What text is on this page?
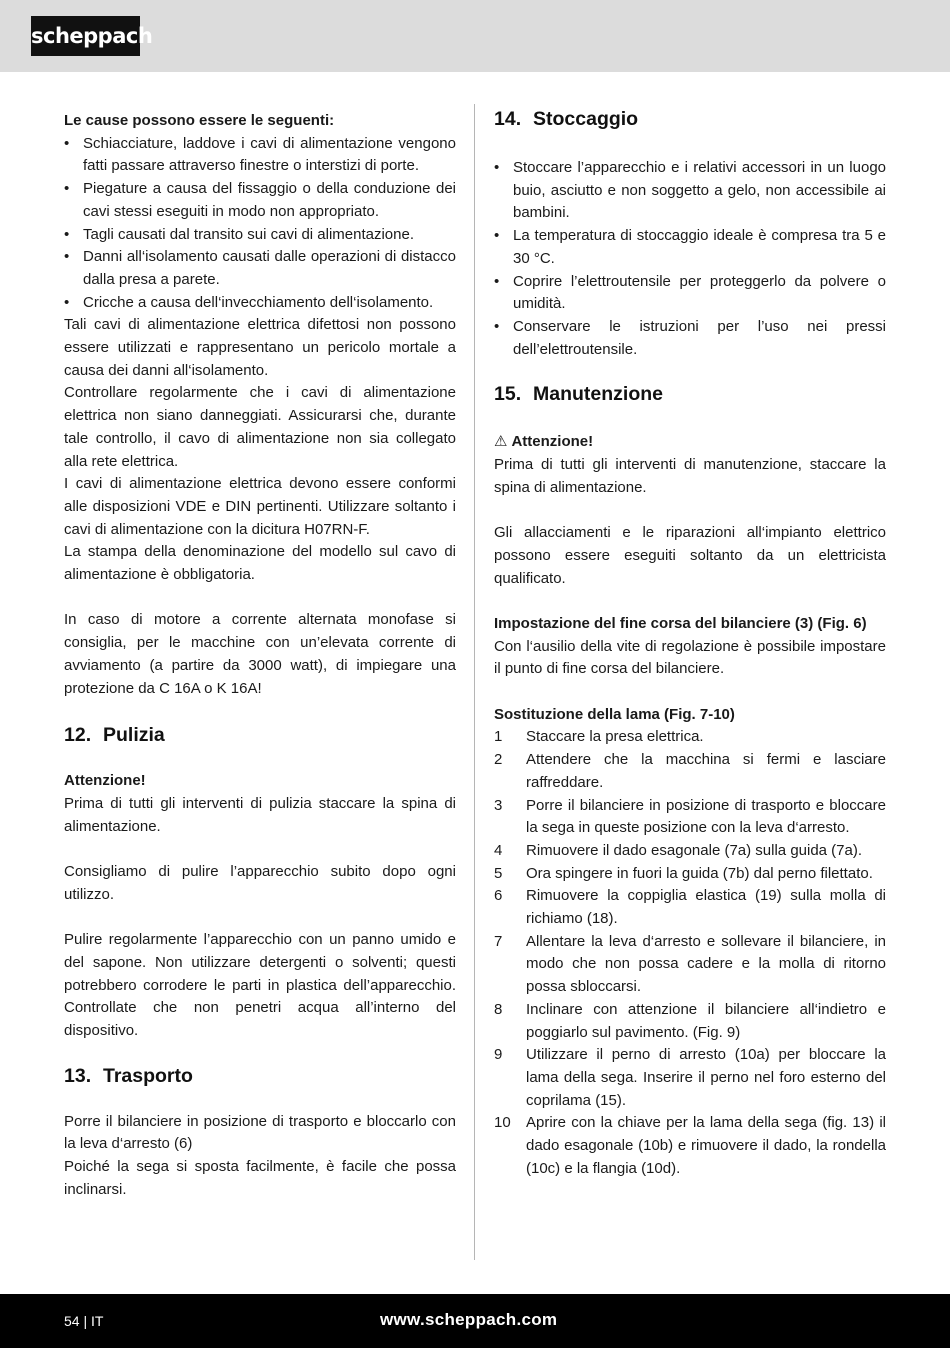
scheppach

Le cause possono essere le seguenti:

• Schiacciature, laddove i cavi di alimentazione vengono fatti passare attraverso finestre o interstizi di porte.
• Piegature a causa del fissaggio o della conduzione dei cavi stessi eseguiti in modo non appropriato.
• Tagli causati dal transito sui cavi di alimentazione.
• Danni all‘isolamento causati dalle operazioni di distacco dalla presa a parete.
• Cricche a causa dell‘invecchiamento dell‘isolamento.

Tali cavi di alimentazione elettrica difettosi non possono essere utilizzati e rappresentano un pericolo mortale a causa dei danni all‘isolamento.

Controllare regolarmente che i cavi di alimentazione elettrica non siano danneggiati. Assicurarsi che, durante tale controllo, il cavo di alimentazione non sia collegato alla rete elettrica.

I cavi di alimentazione elettrica devono essere conformi alle disposizioni VDE e DIN pertinenti. Utilizzare soltanto i cavi di alimentazione con la dicitura H07RN-F.

La stampa della denominazione del modello sul cavo di alimentazione è obbligatoria.

In caso di motore a corrente alternata monofase si consiglia, per le macchine con un’elevata corrente di avviamento (a partire da 3000 watt), di impiegare una protezione da C 16A o K 16A!

12. Pulizia

Attenzione!

Prima di tutti gli interventi di pulizia staccare la spina di alimentazione.

Consigliamo di pulire l’apparecchio subito dopo ogni utilizzo.

Pulire regolarmente l’apparecchio con un panno umido e del sapone. Non utilizzare detergenti o solventi; questi potrebbero corrodere le parti in plastica dell’apparecchio. Controllate che non penetri acqua all’interno del dispositivo.

13. Trasporto

Porre il bilanciere in posizione di trasporto e bloccarlo con la leva d‘arresto (6)

Poiché la sega si sposta facilmente, è facile che possa inclinarsi.

14. Stoccaggio
• Stoccare l’apparecchio e i relativi accessori in un luogo buio, asciutto e non soggetto a gelo, non accessibile ai bambini.
• La temperatura di stoccaggio ideale è compresa tra 5 e 30 °C.
• Coprire l’elettroutensile per proteggerlo da polvere o umidità.
• Conservare le istruzioni per l’uso nei pressi dell’elettroutensile.
15. Manutenzione

⚠ Attenzione!

Prima di tutti gli interventi di manutenzione, staccare la spina di alimentazione.

Gli allacciamenti e le riparazioni all‘impianto elettrico possono essere eseguiti soltanto da un elettricista qualificato.

Impostazione del fine corsa del bilanciere (3) (Fig. 6)

Con l‘ausilio della vite di regolazione è possibile impostare il punto di fine corsa del bilanciere.

Sostituzione della lama (Fig. 7-10)

1 Staccare la presa elettrica.
2 Attendere che la macchina si fermi e lasciare raffreddare.
3 Porre il bilanciere in posizione di trasporto e bloccare la sega in queste posizione con la leva d‘arresto.
4 Rimuovere il dado esagonale (7a) sulla guida (7a).
5 Ora spingere in fuori la guida (7b) dal perno filettato.
6 Rimuovere la coppiglia elastica (19) sulla molla di richiamo (18).
7 Allentare la leva d‘arresto e sollevare il bilanciere, in modo che non possa cadere e la molla di ritorno possa sbloccarsi.
8 Inclinare con attenzione il bilanciere all‘indietro e poggiarlo sul pavimento. (Fig. 9)
9 Utilizzare il perno di arresto (10a) per bloccare la lama della sega. Inserire il perno nel foro esterno del coprilama (15).
10 Aprire con la chiave per la lama della sega (fig. 13) il dado esagonale (10b) e rimuovere il dado, la rondella (10c) e la flangia (10d).
54 | IT	www.scheppach.com
